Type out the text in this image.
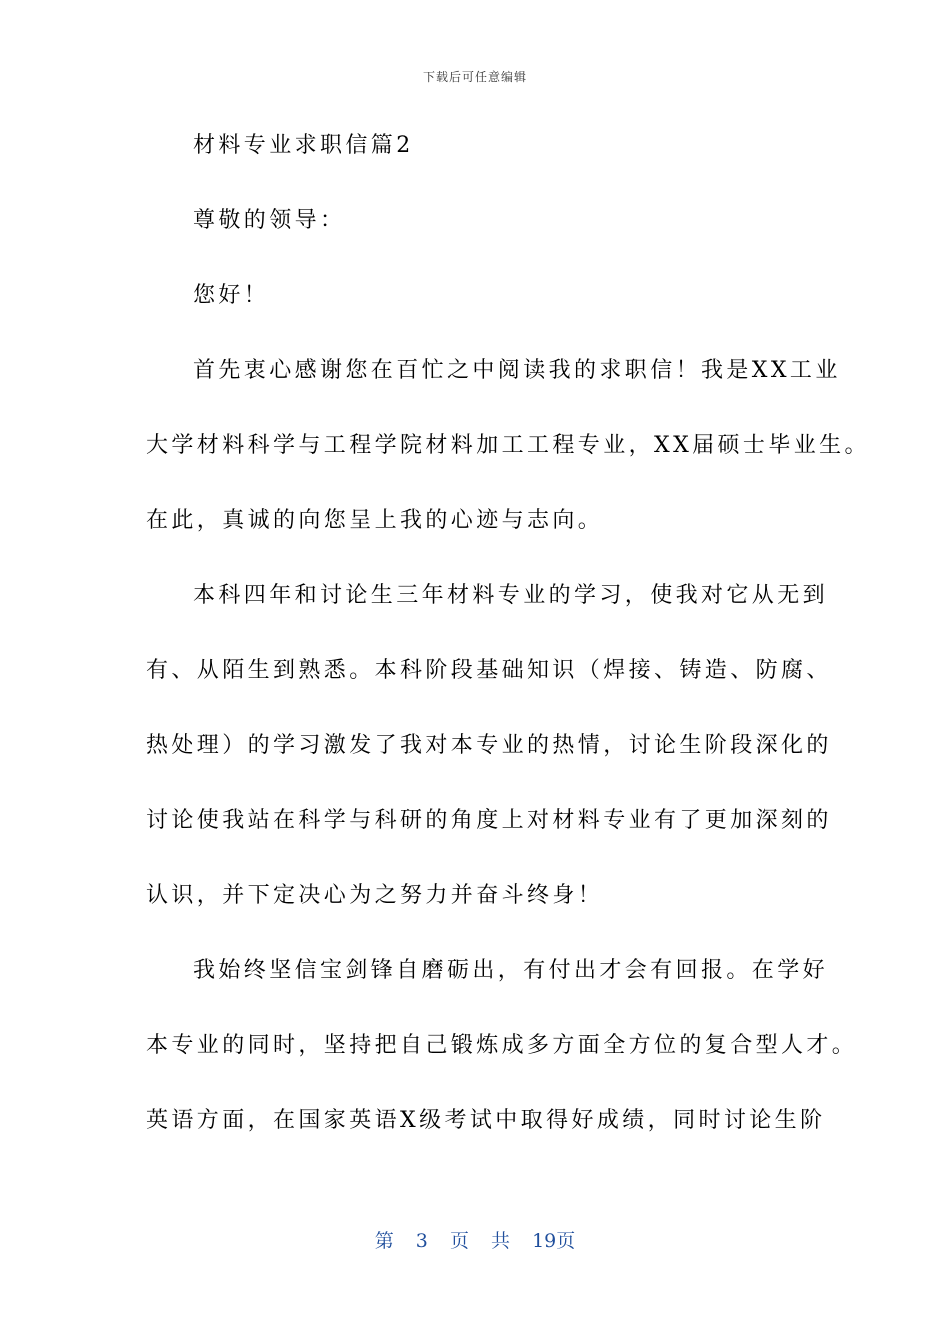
下载后可任意编辑
材料专业求职信篇2
尊敬的领导：
您好！
首先衷心感谢您在百忙之中阅读我的求职信！我是XX工业
大学材料科学与工程学院材料加工工程专业，XX届硕士毕业生。
在此，真诚的向您呈上我的心迹与志向。
本科四年和讨论生三年材料专业的学习，使我对它从无到
有、从陌生到熟悉。本科阶段基础知识（焊接、铸造、防腐、
热处理）的学习激发了我对本专业的热情，讨论生阶段深化的
讨论使我站在科学与科研的角度上对材料专业有了更加深刻的
认识，并下定决心为之努力并奋斗终身！
我始终坚信宝剑锋自磨砺出，有付出才会有回报。在学好
本专业的同时，坚持把自己锻炼成多方面全方位的复合型人才。
英语方面，在国家英语X级考试中取得好成绩，同时讨论生阶
第 3 页 共 19页
